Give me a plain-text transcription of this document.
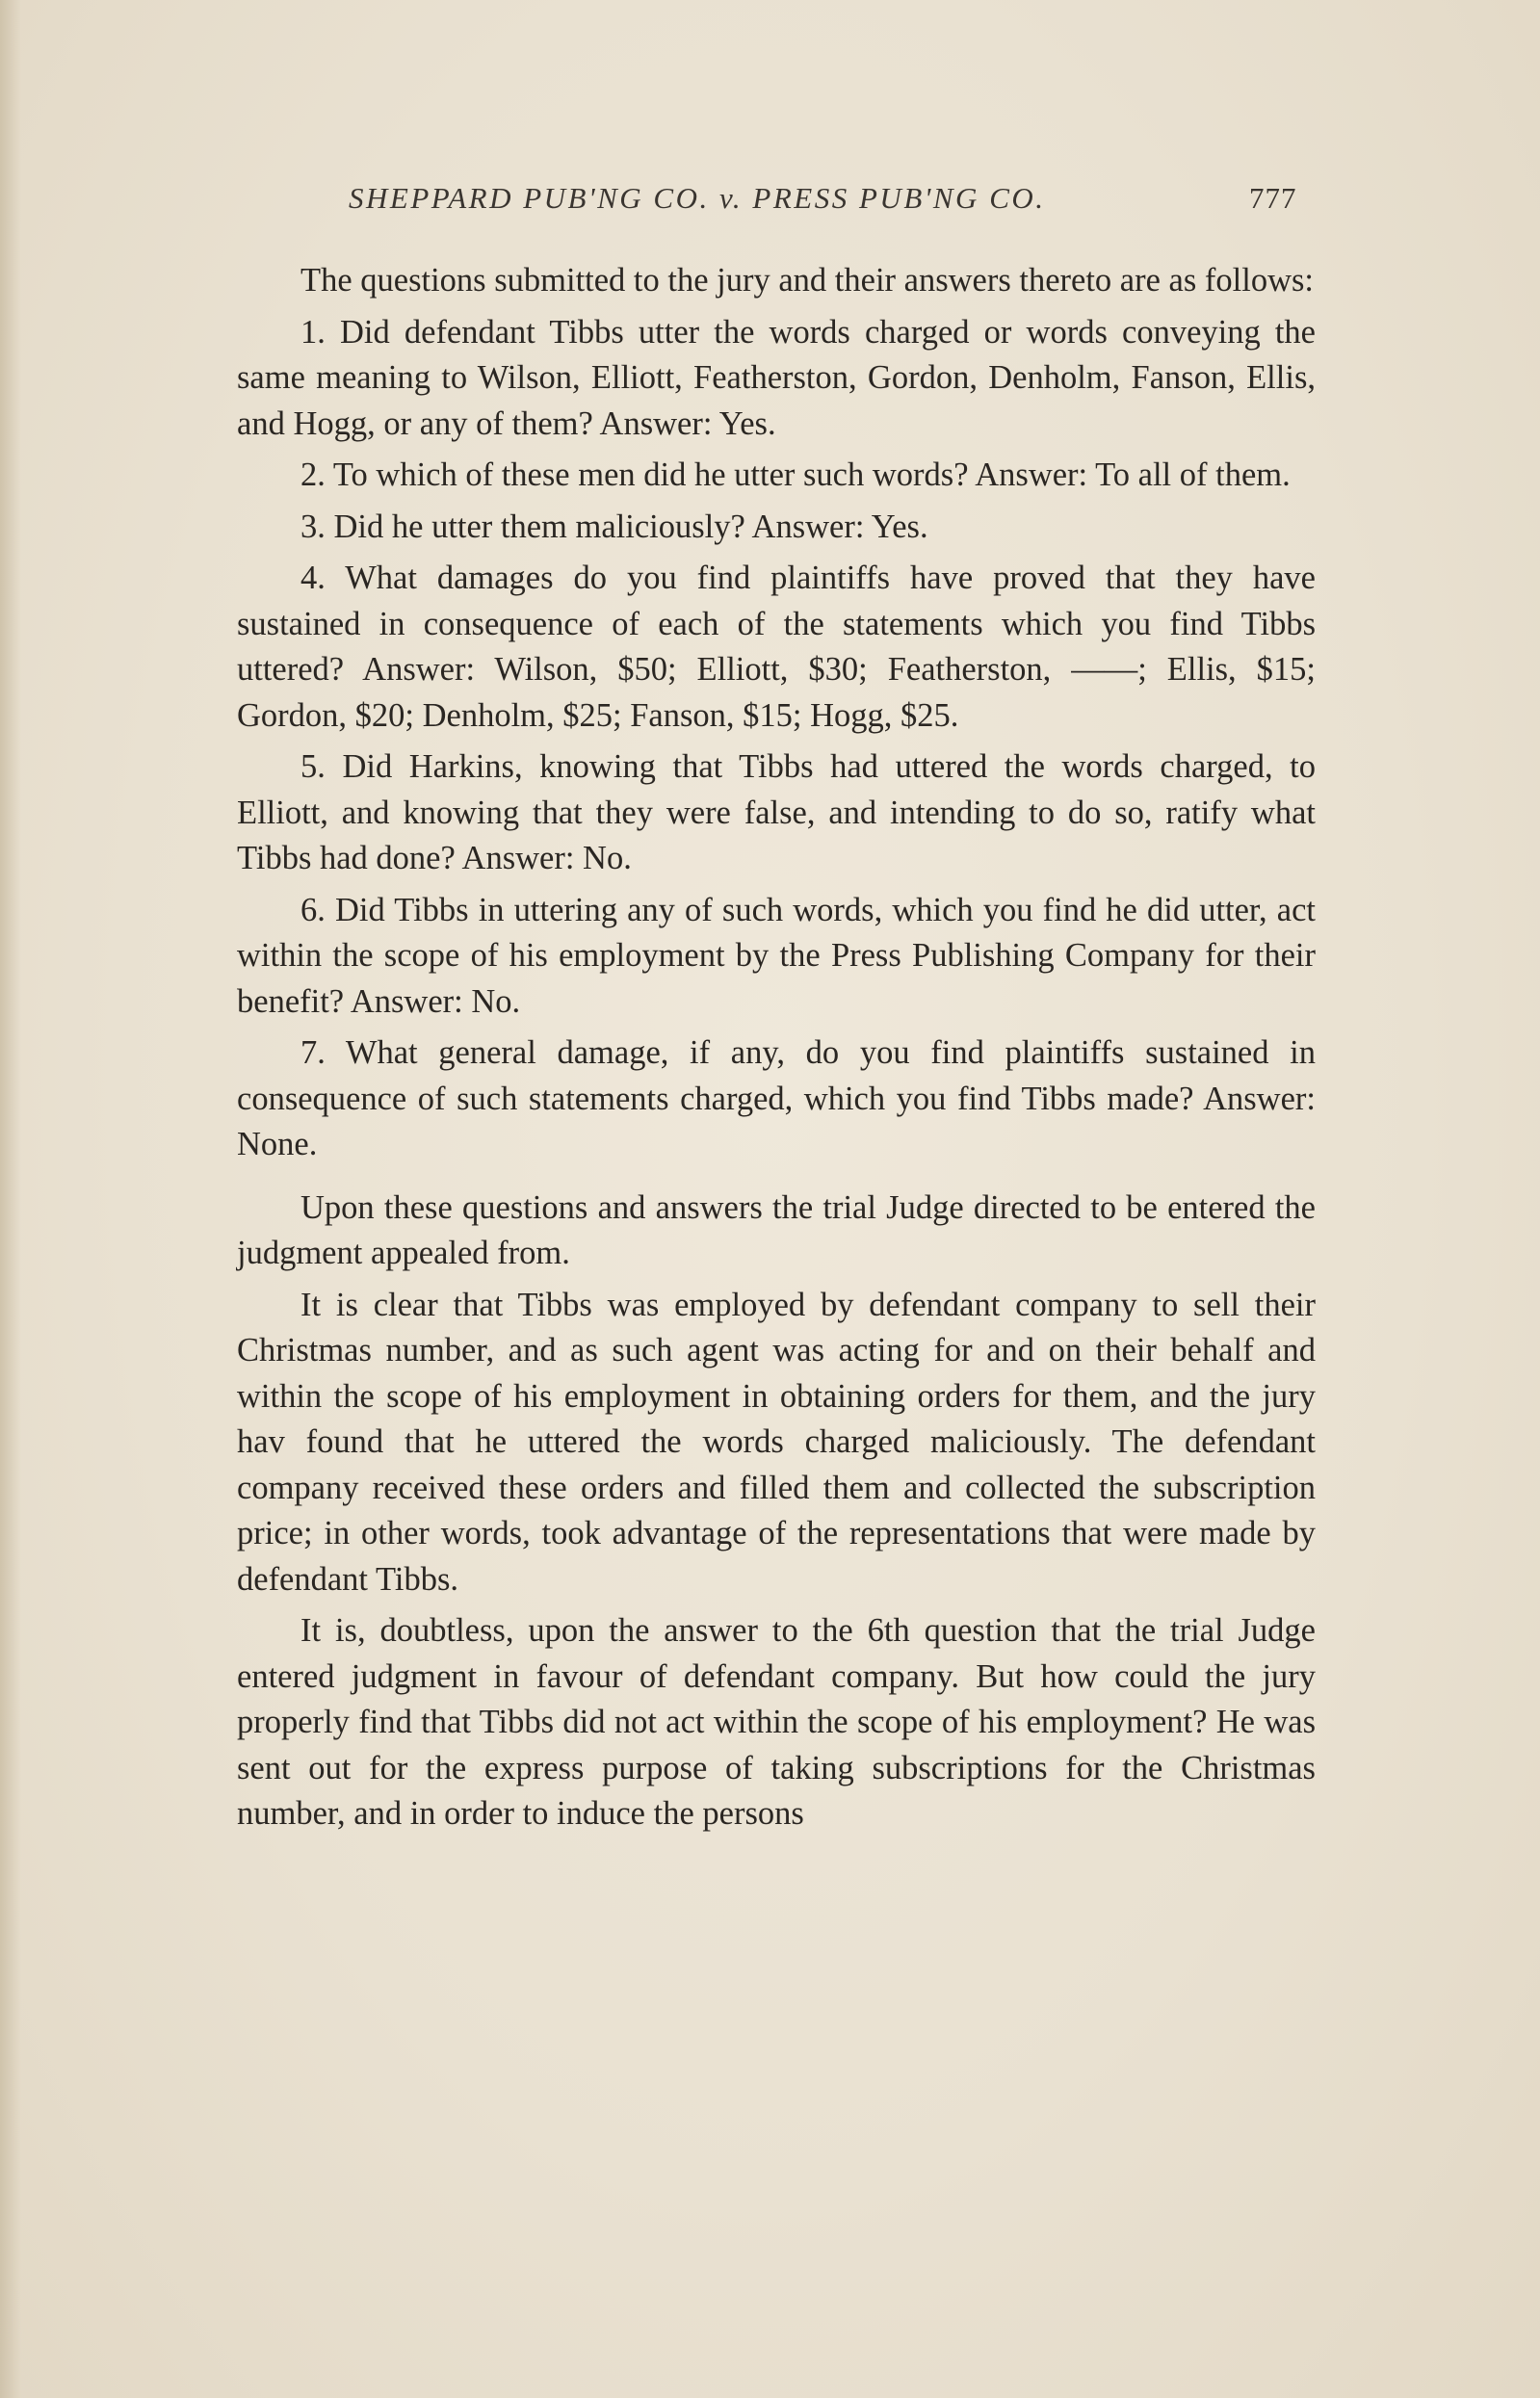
SHEPPARD PUB'NG CO. v. PRESS PUB'NG CO.	777

The questions submitted to the jury and their answers thereto are as follows:

1. Did defendant Tibbs utter the words charged or words conveying the same meaning to Wilson, Elliott, Featherston, Gordon, Denholm, Fanson, Ellis, and Hogg, or any of them? Answer: Yes.

2. To which of these men did he utter such words? Answer: To all of them.

3. Did he utter them maliciously? Answer: Yes.

4. What damages do you find plaintiffs have proved that they have sustained in consequence of each of the statements which you find Tibbs uttered? Answer: Wilson, $50; Elliott, $30; Featherston, ——; Ellis, $15; Gordon, $20; Denholm, $25; Fanson, $15; Hogg, $25.

5. Did Harkins, knowing that Tibbs had uttered the words charged, to Elliott, and knowing that they were false, and intending to do so, ratify what Tibbs had done? Answer: No.

6. Did Tibbs in uttering any of such words, which you find he did utter, act within the scope of his employment by the Press Publishing Company for their benefit? Answer: No.

7. What general damage, if any, do you find plaintiffs sustained in consequence of such statements charged, which you find Tibbs made? Answer: None.

Upon these questions and answers the trial Judge directed to be entered the judgment appealed from.

It is clear that Tibbs was employed by defendant company to sell their Christmas number, and as such agent was acting for and on their behalf and within the scope of his employment in obtaining orders for them, and the jury hav found that he uttered the words charged maliciously. The defendant company received these orders and filled them and collected the subscription price; in other words, took advantage of the representations that were made by defendant Tibbs.

It is, doubtless, upon the answer to the 6th question that the trial Judge entered judgment in favour of defendant company. But how could the jury properly find that Tibbs did not act within the scope of his employment? He was sent out for the express purpose of taking subscriptions for the Christmas number, and in order to induce the persons
